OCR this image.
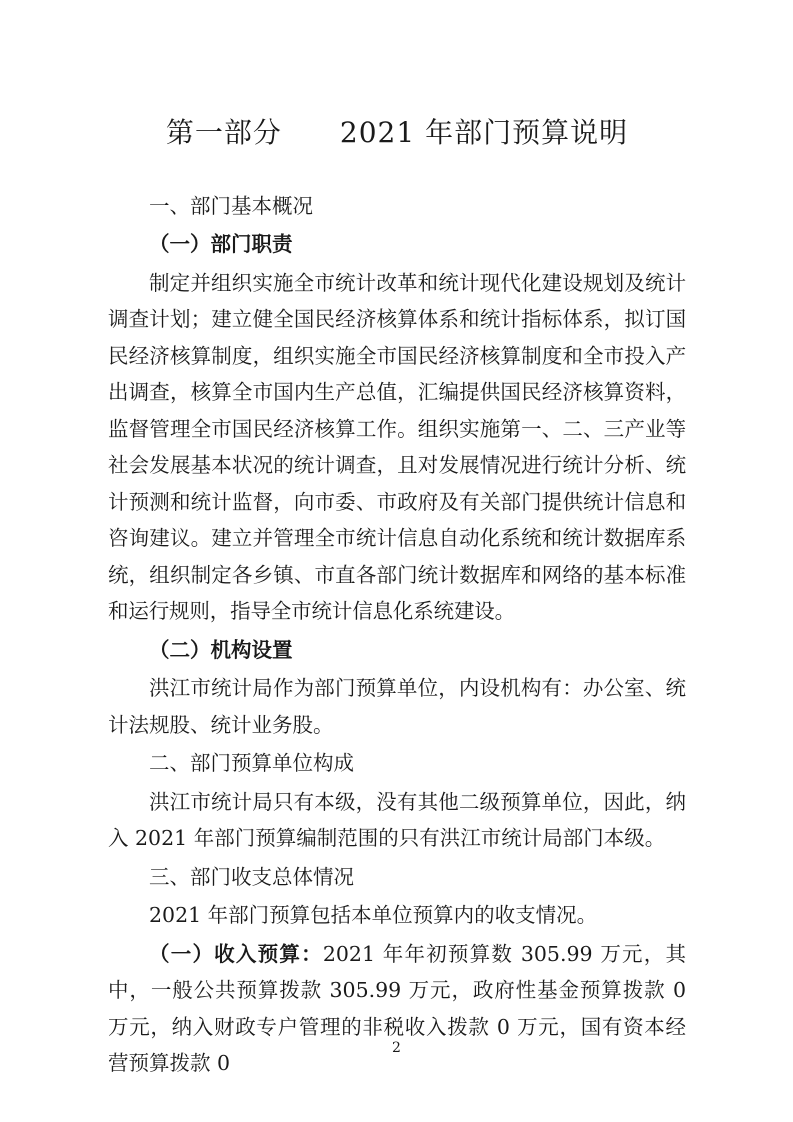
第一部分　　2021 年部门预算说明
一、部门基本概况
（一）部门职责

制定并组织实施全市统计改革和统计现代化建设规划及统计调查计划；建立健全国民经济核算体系和统计指标体系，拟订国民经济核算制度，组织实施全市国民经济核算制度和全市投入产出调查，核算全市国内生产总值，汇编提供国民经济核算资料，监督管理全市国民经济核算工作。组织实施第一、二、三产业等社会发展基本状况的统计调查，且对发展情况进行统计分析、统计预测和统计监督，向市委、市政府及有关部门提供统计信息和咨询建议。建立并管理全市统计信息自动化系统和统计数据库系统，组织制定各乡镇、市直各部门统计数据库和网络的基本标准和运行规则，指导全市统计信息化系统建设。

（二）机构设置

洪江市统计局作为部门预算单位，内设机构有：办公室、统计法规股、统计业务股。

二、部门预算单位构成

洪江市统计局只有本级，没有其他二级预算单位，因此，纳入 2021 年部门预算编制范围的只有洪江市统计局部门本级。

三、部门收支总体情况

2021 年部门预算包括本单位预算内的收支情况。

（一）收入预算：2021 年年初预算数 305.99 万元，其中，一般公共预算拨款 305.99 万元，政府性基金预算拨款 0 万元，纳入财政专户管理的非税收入拨款 0 万元，国有资本经营预算拨款 0

2
